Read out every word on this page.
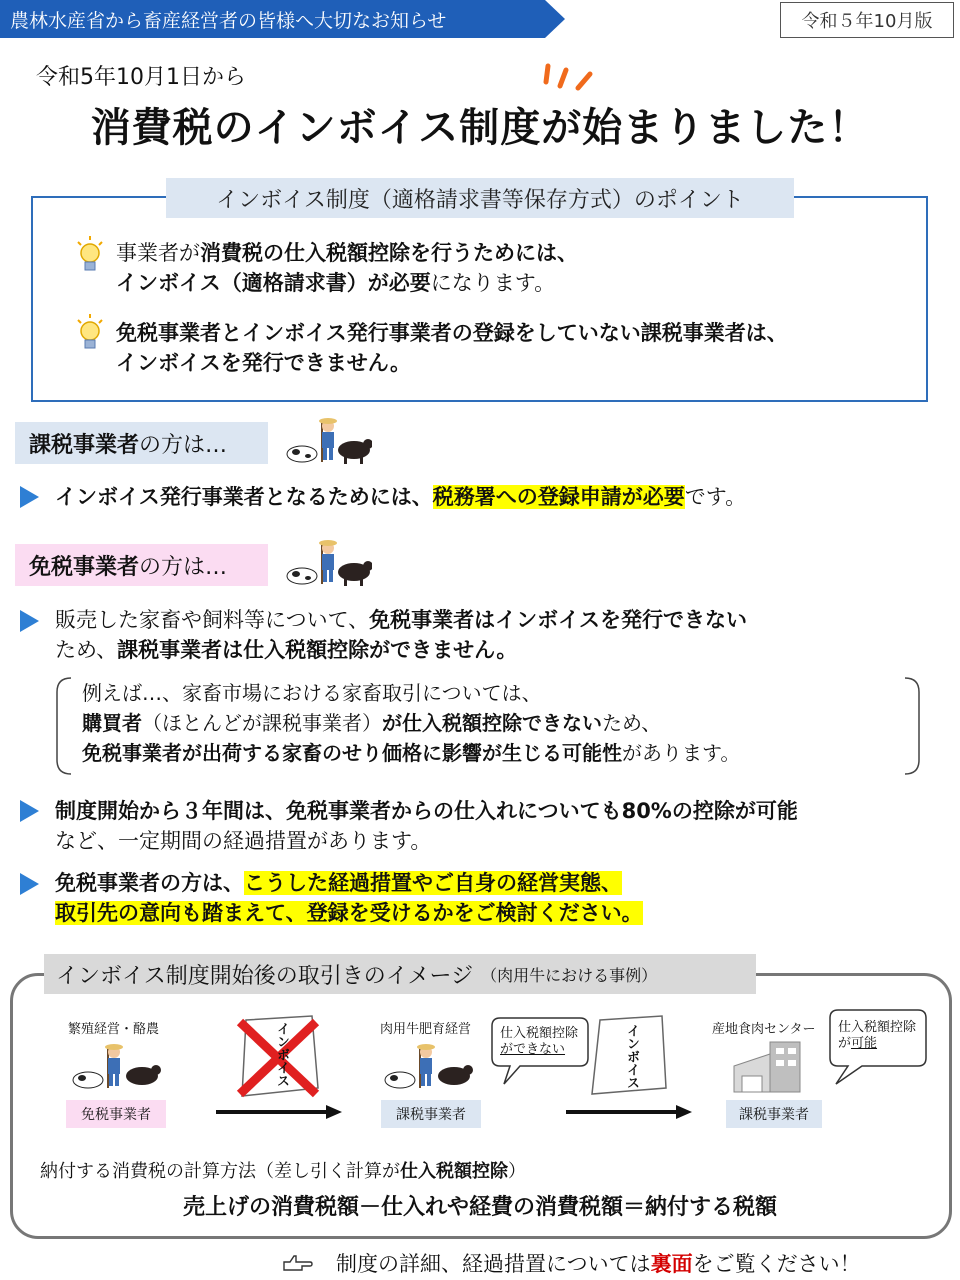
農林水産省から畜産経営者の皆様へ大切なお知らせ	令和５年10月版
令和5年10月1日から
消費税のインボイス制度が始まりました！
インボイス制度（適格請求書等保存方式）のポイント
事業者が消費税の仕入税額控除を行うためには、
インボイス（適格請求書）が必要になります。
免税事業者とインボイス発行事業者の登録をしていない課税事業者は、
インボイスを発行できません。
課税事業者 の方は…
インボイス発行事業者となるためには、税務署への登録申請が必要です。
免税事業者 の方は…
販売した家畜や飼料等について、免税事業者はインボイスを発行できない
ため、課税事業者は仕入税額控除ができません。
例えば…、家畜市場における家畜取引については、
購買者（ほとんどが課税事業者）が仕入税額控除できないため、
免税事業者が出荷する家畜のせり価格に影響が生じる可能性があります。
制度開始から３年間は、免税事業者からの仕入れについても80%の控除が可能
など、一定期間の経過措置があります。
免税事業者の方は、こうした経過措置やご自身の経営実態、
取引先の意向も踏まえて、登録を受けるかをご検討ください。
インボイス制度開始後の取引きのイメージ （肉用牛における事例）
繁殖経営・酪農
免税事業者
インボイス	肉用牛肥育経営
課税事業者
仕入税額控除
ができない	インボイス	産地食肉センター
課税事業者
仕入税額控除
が可能
納付する消費税の計算方法（差し引く計算が仕入税額控除）
売上げの消費税額－仕入れや経費の消費税額＝納付する税額
制度の詳細、経過措置については裏面をご覧ください！
